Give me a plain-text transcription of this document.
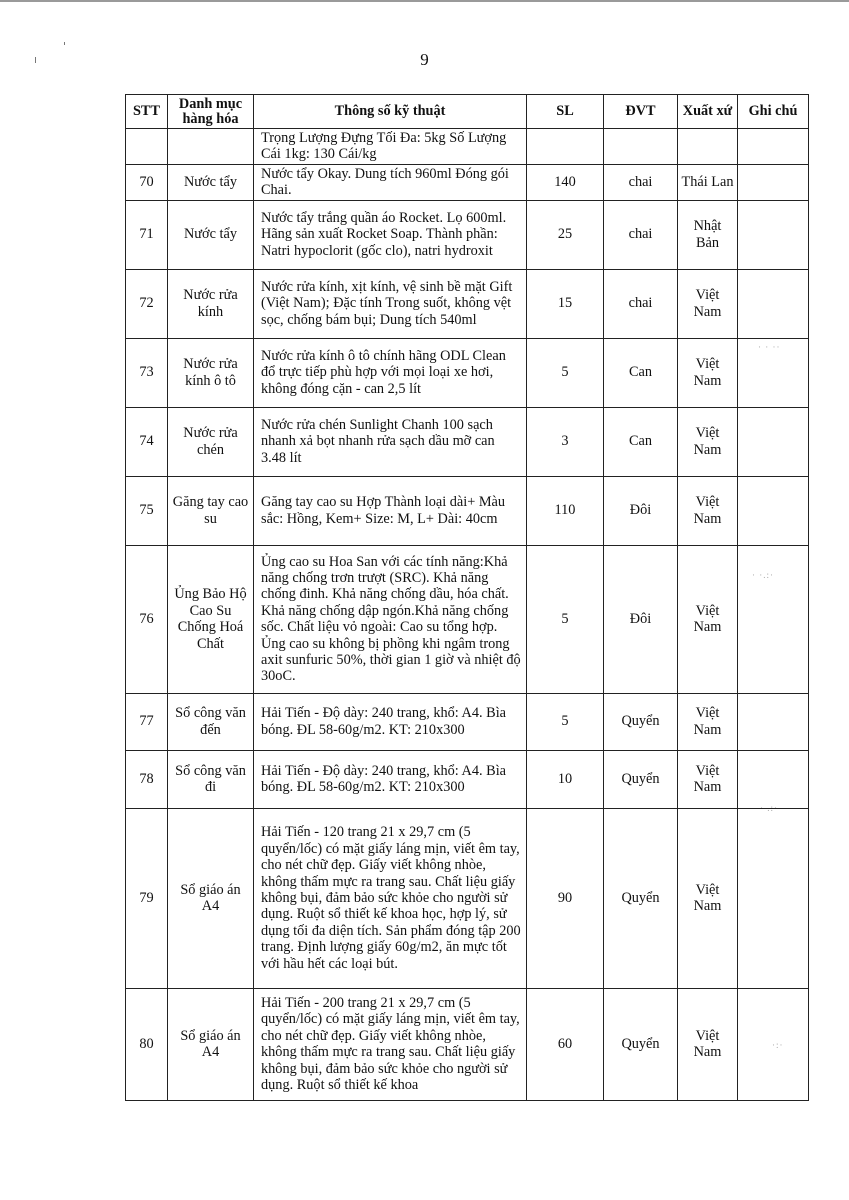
9
· · ··
· ·.:·
· .:·
·:·
STT	Danh mục hàng hóa	Thông số kỹ thuật	SL	ĐVT	Xuất xứ	Ghi chú
		Trọng Lượng Đựng Tối Đa: 5kg Số Lượng Cái 1kg: 130 Cái/kg				
70	Nước tẩy	Nước tẩy Okay. Dung tích 960ml Đóng gói Chai.	140	chai	Thái Lan	
71	Nước tẩy	Nước tẩy trắng quần áo Rocket. Lọ 600ml. Hãng sản xuất Rocket Soap. Thành phần: Natri hypoclorit (gốc clo), natri hydroxit	25	chai	Nhật Bản	
72	Nước rửa kính	Nước rửa kính, xịt kính, vệ sinh bề mặt Gift (Việt Nam); Đặc tính Trong suốt, không vệt sọc, chống bám bụi; Dung tích 540ml	15	chai	Việt Nam	
73	Nước rửa kính ô tô	Nước rửa kính ô tô chính hãng ODL Clean đổ trực tiếp phù hợp với mọi loại xe hơi, không đóng cặn - can 2,5 lít	5	Can	Việt Nam	
74	Nước rửa chén	Nước rửa chén Sunlight Chanh 100 sạch nhanh xả bọt nhanh rửa sạch dầu mỡ can 3.48 lít	3	Can	Việt Nam	
75	Găng tay cao su	Găng tay cao su Hợp Thành loại dài+ Màu sắc: Hồng, Kem+ Size: M, L+ Dài: 40cm	110	Đôi	Việt Nam	
76	Ủng Bảo Hộ Cao Su Chống Hoá Chất	Ủng cao su Hoa San với các tính năng:Khả năng chống trơn trượt (SRC). Khả năng chống đinh. Khả năng chống dầu, hóa chất. Khả năng chống dập ngón.Khả năng chống sốc. Chất liệu vỏ ngoài: Cao su tổng hợp. Ủng cao su không bị phồng khi ngâm trong axit sunfuric 50%, thời gian 1 giờ và nhiệt độ 30oC.	5	Đôi	Việt Nam	
77	Sổ công văn đến	Hải Tiến - Độ dày: 240 trang, khổ: A4. Bìa bóng. ĐL 58-60g/m2. KT: 210x300	5	Quyển	Việt Nam	
78	Sổ công văn đi	Hải Tiến - Độ dày: 240 trang, khổ: A4. Bìa bóng. ĐL 58-60g/m2. KT: 210x300	10	Quyển	Việt Nam	
79	Sổ giáo án A4	Hải Tiến - 120 trang 21 x 29,7 cm (5 quyển/lốc) có mặt giấy láng mịn, viết êm tay, cho nét chữ đẹp. Giấy viết không nhòe, không thấm mực ra trang sau. Chất liệu giấy không bụi, đảm bảo sức khỏe cho người sử dụng. Ruột sổ thiết kế khoa học, hợp lý, sử dụng tối đa diện tích. Sản phẩm đóng tập 200 trang. Định lượng giấy 60g/m2, ăn mực tốt với hầu hết các loại bút.	90	Quyển	Việt Nam	
80	Sổ giáo án A4	Hải Tiến - 200 trang 21 x 29,7 cm (5 quyển/lốc) có mặt giấy láng mịn, viết êm tay, cho nét chữ đẹp. Giấy viết không nhòe, không thấm mực ra trang sau. Chất liệu giấy không bụi, đảm bảo sức khỏe cho người sử dụng. Ruột sổ thiết kế khoa	60	Quyển	Việt Nam	
